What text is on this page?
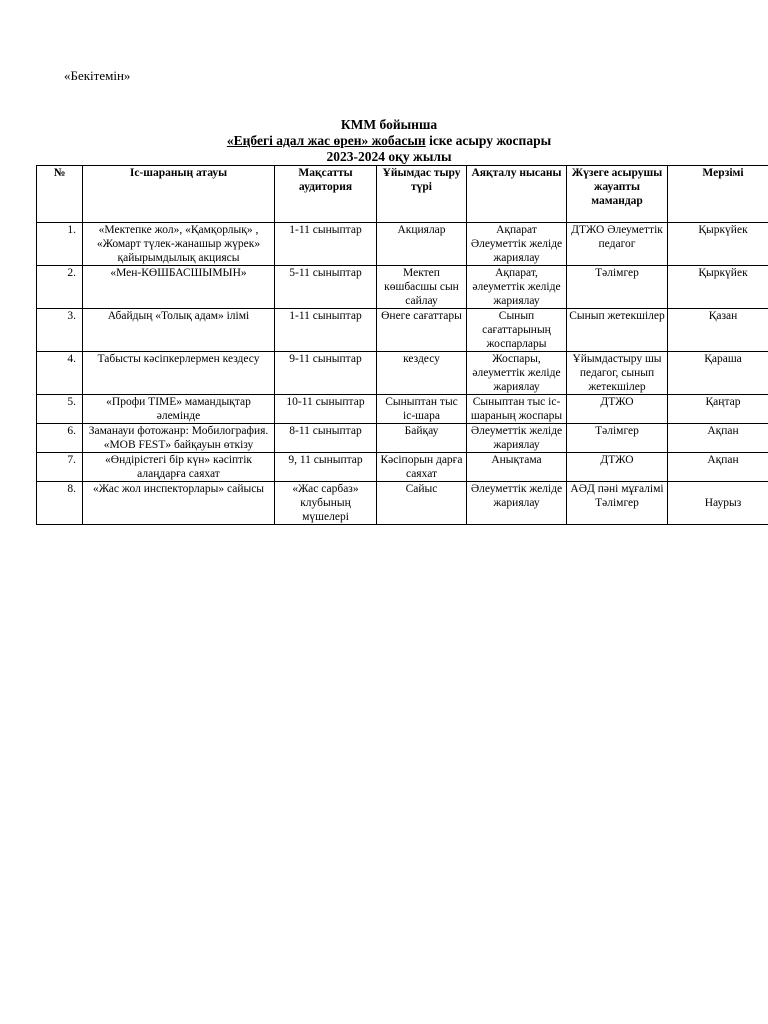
«Бекітемін»
КММ бойынша
«Еңбегі адал жас өрен» жобасын іске асыру жоспары
2023-2024 оқу жылы
№	Іс-шараның атауы	Мақсатты аудитория	Ұйымдас тыру түрі	Аяқталу нысаны	Жүзеге асырушы жауапты мамандар	Мерзімі
1.	«Мектепке жол», «Қамқорлық» , «Жомарт түлек-жанашыр жүрек» қайырымдылық акциясы	1-11 сыныптар	Акциялар	Ақпарат Әлеуметтік желіде жариялау	ДТЖО Әлеуметтік педагог	Қыркүйек
2.	«Мен-КӨШБАСШЫМЫН»	5-11 сыныптар	Мектеп көшбасшы сын сайлау	Ақпарат, әлеуметтік желіде жариялау	Тәлімгер	Қыркүйек
3.	Абайдың «Толық адам» ілімі	1-11 сыныптар	Өнеге сағаттары	Сынып сағаттарының жоспарлары	Сынып жетекшілер	Қазан
4.	Табысты кәсіпкерлермен кездесу	9-11 сыныптар	кездесу	Жоспары, әлеуметтік желіде жариялау	Ұйымдастыру шы педагог, сынып жетекшілер	Қараша
5.	«Профи TIME» мамандықтар әлемінде	10-11 сыныптар	Сыныптан тыс іс-шара	Сыныптан тыс іс-шараның жоспары	ДТЖО	Қаңтар
6.	Заманауи фотожанр: Мобилография. «MOB FEST» байқауын өткізу	8-11 сыныптар	Байқау	Әлеуметтік желіде жариялау	Тәлімгер	Ақпан
7.	«Өндірістегі бір күн» кәсіптік алаңдарға саяхат	9, 11 сыныптар	Кәсіпорын дарға саяхат	Анықтама	ДТЖО	Ақпан
8.	«Жас жол инспекторлары» сайысы	«Жас сарбаз» клубының мүшелері	Сайыс	Әлеуметтік желіде жариялау	АӘД пәні мұғалімі Тәлімгер	Наурыз
